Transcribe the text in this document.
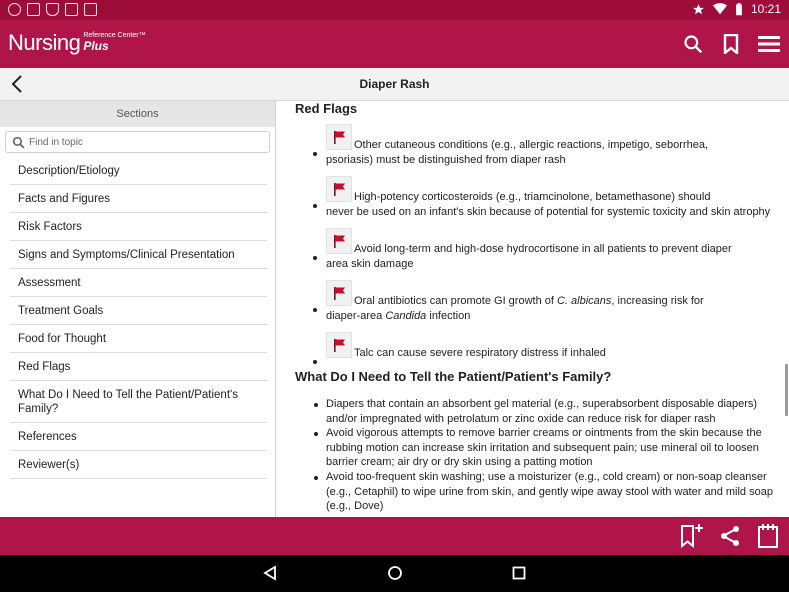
10:21
Nursing Reference Center™
Plus
Diaper Rash
Sections
Find in topic
Description/Etiology
Facts and Figures
Risk Factors
Signs and Symptoms/Clinical Presentation
Assessment
Treatment Goals
Food for Thought
Red Flags
What Do I Need to Tell the Patient/Patient's Family?
References
Reviewer(s)
Red Flags
Other cutaneous conditions (e.g., allergic reactions, impetigo, seborrhea,
psoriasis) must be distinguished from diaper rash
High-potency corticosteroids (e.g., triamcinolone, betamethasone) should
never be used on an infant's skin because of potential for systemic toxicity and skin atrophy
Avoid long-term and high-dose hydrocortisone in all patients to prevent diaper
area skin damage
Oral antibiotics can promote GI growth of C. albicans, increasing risk for
diaper-area Candida infection
Talc can cause severe respiratory distress if inhaled
What Do I Need to Tell the Patient/Patient's Family?
Diapers that contain an absorbent gel material (e.g., superabsorbent disposable diapers) and/or impregnated with petrolatum or zinc oxide can reduce risk for diaper rash
Avoid vigorous attempts to remove barrier creams or ointments from the skin because the rubbing motion can increase skin irritation and subsequent pain; use mineral oil to loosen barrier cream; air dry or dry skin using a patting motion
Avoid too-frequent skin washing; use a moisturizer (e.g., cold cream) or non-soap cleanser (e.g., Cetaphil) to wipe urine from skin, and gently wipe away stool with water and mild soap (e.g., Dove)
